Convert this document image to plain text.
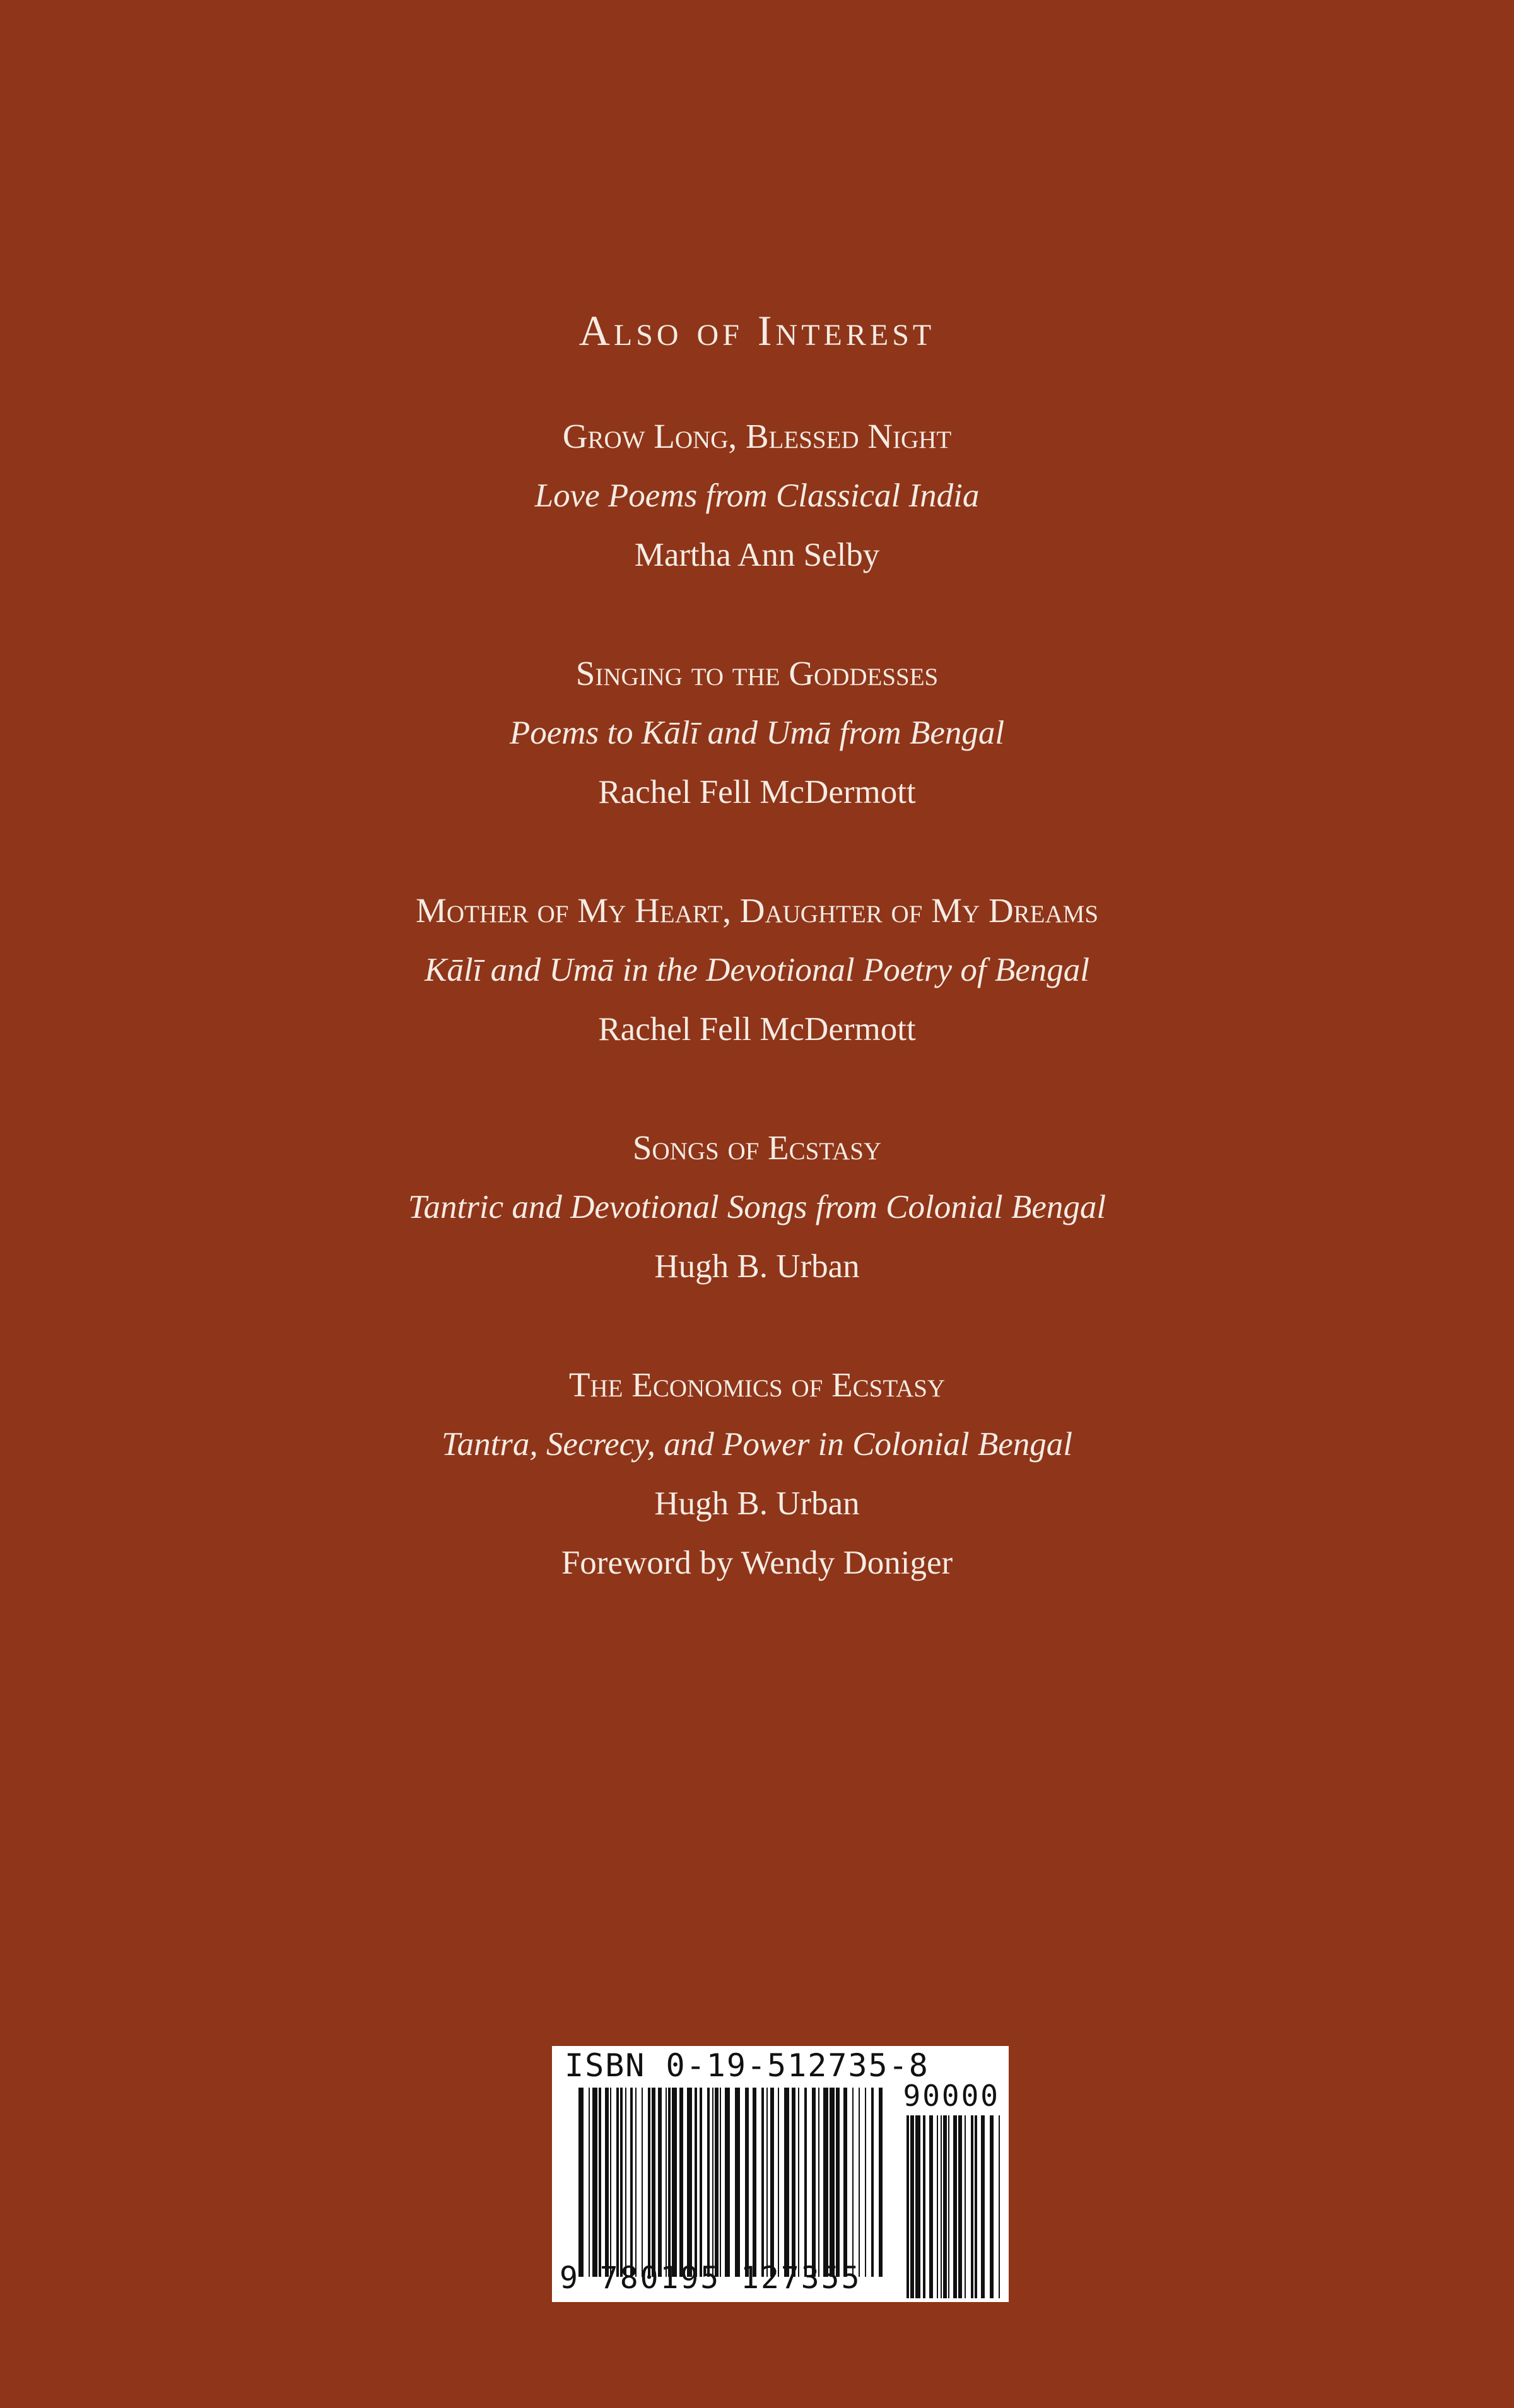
Also of Interest
Grow Long, Blessed Night
Love Poems from Classical India
Martha Ann Selby
Singing to the Goddesses
Poems to Kālī and Umā from Bengal
Rachel Fell McDermott
Mother of My Heart, Daughter of My Dreams
Kālī and Umā in the Devotional Poetry of Bengal
Rachel Fell McDermott
Songs of Ecstasy
Tantric and Devotional Songs from Colonial Bengal
Hugh B. Urban
The Economics of Ecstasy
Tantra, Secrecy, and Power in Colonial Bengal
Hugh B. Urban
Foreword by Wendy Doniger
ISBN 0-19-512735-8
90000
9 780195 127355
